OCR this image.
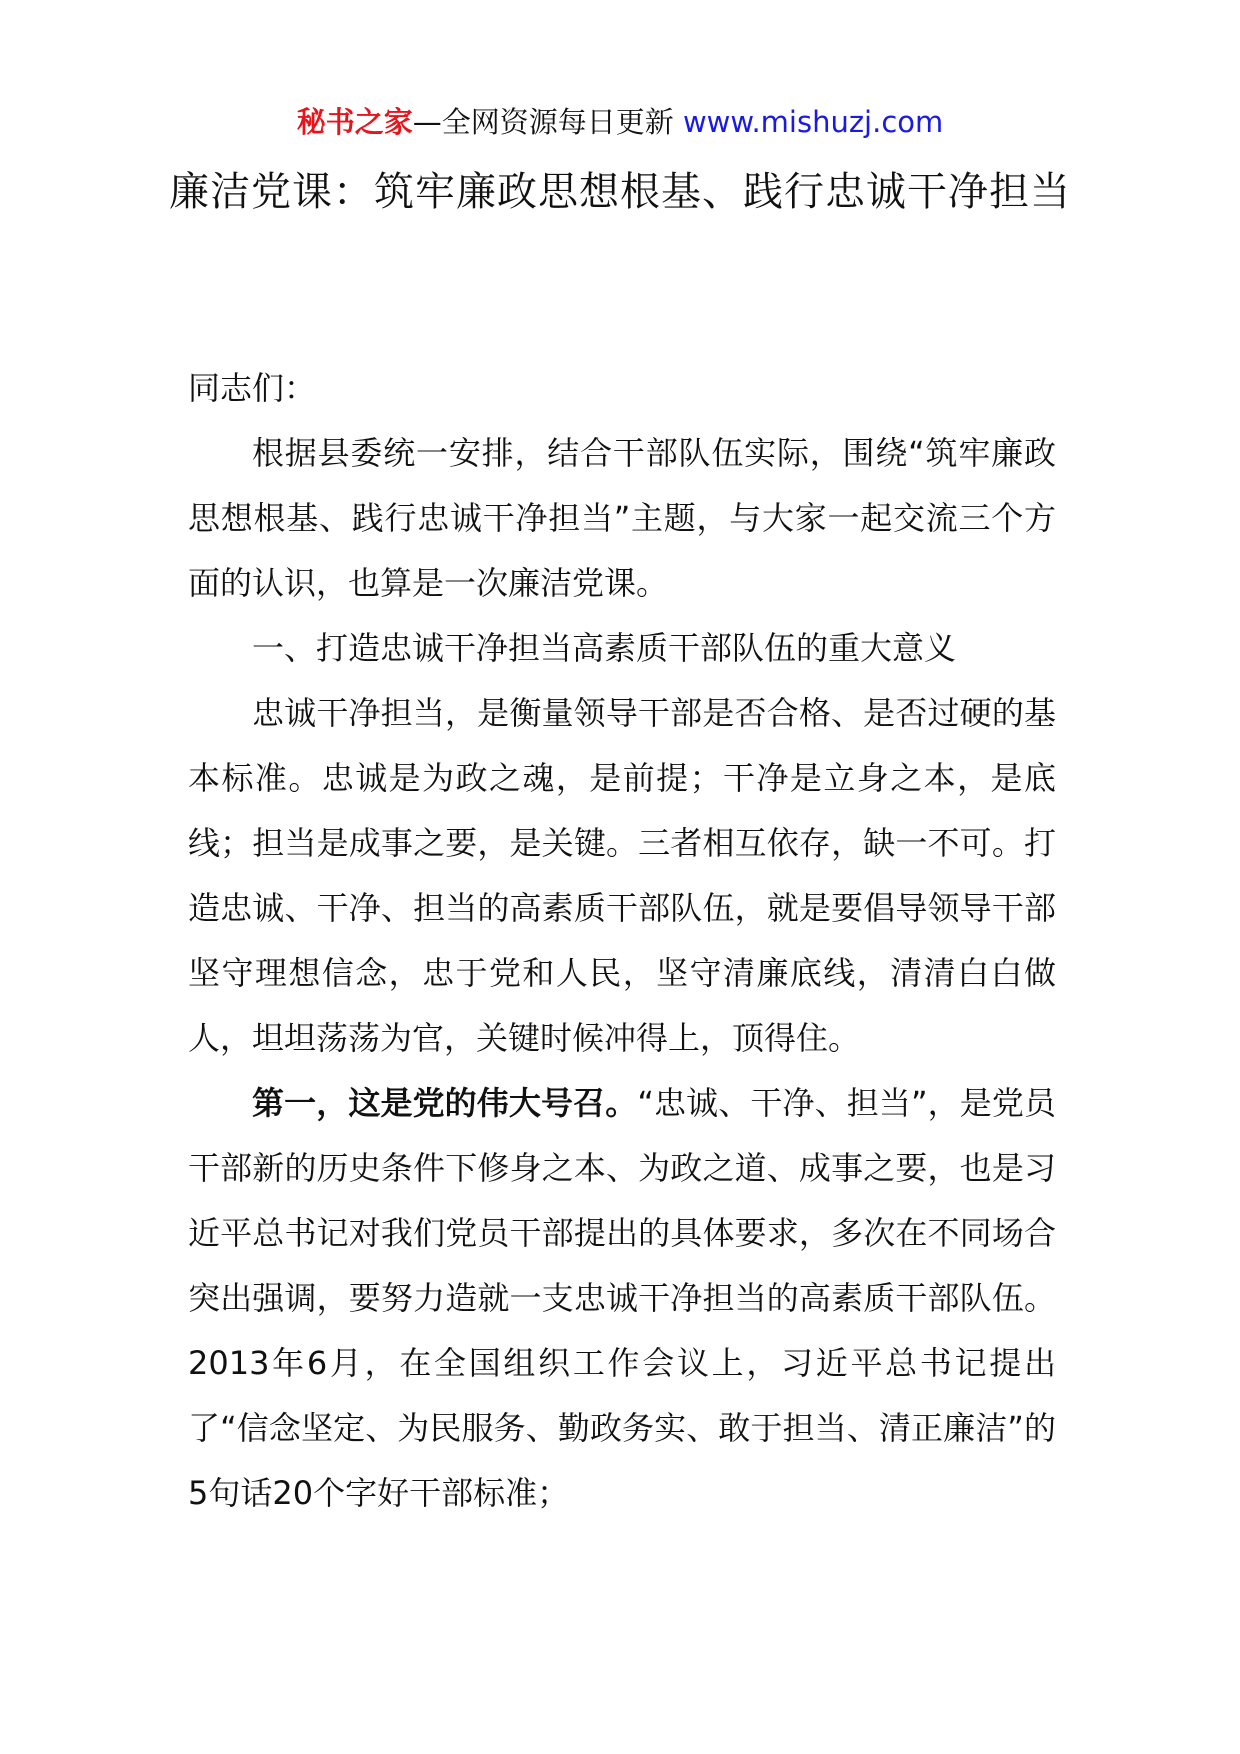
秘书之家—全网资源每日更新 www.mishuzj.com
廉洁党课：筑牢廉政思想根基、践行忠诚干净担当

同志们：

根据县委统一安排，结合干部队伍实际，围绕“筑牢廉政思想根基、践行忠诚干净担当”主题，与大家一起交流三个方面的认识，也算是一次廉洁党课。

一、打造忠诚干净担当高素质干部队伍的重大意义

忠诚干净担当，是衡量领导干部是否合格、是否过硬的基本标准。忠诚是为政之魂，是前提；干净是立身之本，是底线；担当是成事之要，是关键。三者相互依存，缺一不可。打造忠诚、干净、担当的高素质干部队伍，就是要倡导领导干部坚守理想信念，忠于党和人民，坚守清廉底线，清清白白做人，坦坦荡荡为官，关键时候冲得上，顶得住。

第一，这是党的伟大号召。“忠诚、干净、担当”，是党员干部新的历史条件下修身之本、为政之道、成事之要，也是习近平总书记对我们党员干部提出的具体要求，多次在不同场合突出强调，要努力造就一支忠诚干净担当的高素质干部队伍。2013年6月，在全国组织工作会议上，习近平总书记提出了“信念坚定、为民服务、勤政务实、敢于担当、清正廉洁”的5句话20个字好干部标准；
